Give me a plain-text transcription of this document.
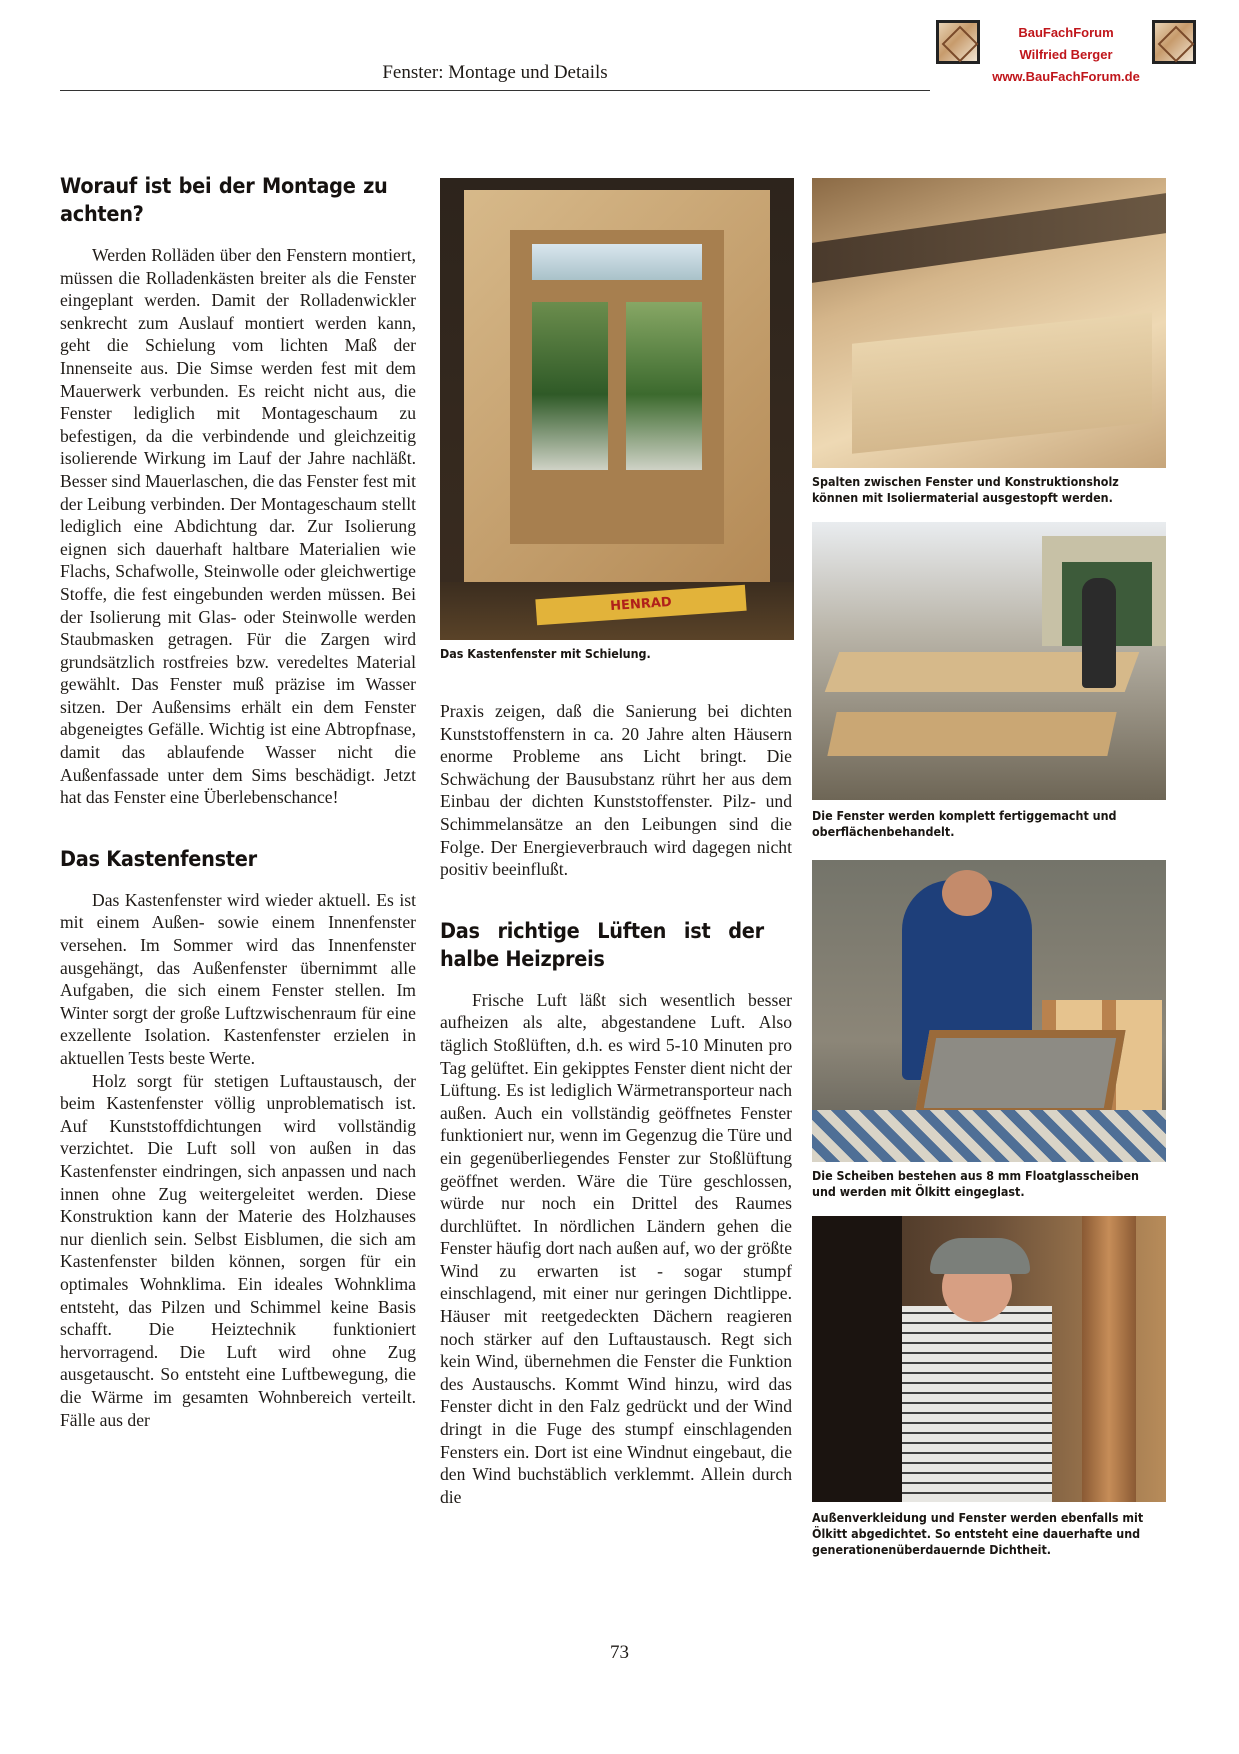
Fenster: Montage und Details
BauFachForum
Wilfried Berger
www.BauFachForum.de
Worauf ist bei der Montage zu achten?

Werden Rolläden über den Fenstern montiert, müssen die Rolladenkästen breiter als die Fenster eingeplant werden. Damit der Rolladenwickler senkrecht zum Auslauf montiert werden kann, geht die Schielung vom lichten Maß der Innenseite aus. Die Simse werden fest mit dem Mauerwerk verbunden. Es reicht nicht aus, die Fenster lediglich mit Montageschaum zu befestigen, da die verbindende und gleichzeitig isolierende Wirkung im Lauf der Jahre nachläßt. Besser sind Mauerlaschen, die das Fenster fest mit der Leibung verbinden. Der Montageschaum stellt lediglich eine Abdichtung dar. Zur Isolierung eignen sich dauerhaft haltbare Materialien wie Flachs, Schafwolle, Steinwolle oder gleichwertige Stoffe, die fest eingebunden werden müssen. Bei der Isolierung mit Glas- oder Steinwolle werden Staubmasken getragen. Für die Zargen wird grundsätzlich rostfreies bzw. veredeltes Material gewählt. Das Fenster muß präzise im Wasser sitzen. Der Außensims erhält ein dem Fenster abgeneigtes Gefälle. Wichtig ist eine Abtropfnase, damit das ablaufende Wasser nicht die Außenfassade unter dem Sims beschädigt. Jetzt hat das Fenster eine Überlebenschance!

Das Kastenfenster

Das Kastenfenster wird wieder aktuell. Es ist mit einem Außen- sowie einem Innenfenster versehen. Im Sommer wird das Innenfenster ausgehängt, das Außenfenster übernimmt alle Aufgaben, die sich einem Fenster stellen. Im Winter sorgt der große Luftzwischenraum für eine exzellente Isolation. Kastenfenster erzielen in aktuellen Tests beste Werte.

Holz sorgt für stetigen Luftaustausch, der beim Kastenfenster völlig unproblematisch ist. Auf Kunststoffdichtungen wird vollständig verzichtet. Die Luft soll von außen in das Kastenfenster eindringen, sich anpassen und nach innen ohne Zug weitergeleitet werden. Diese Konstruktion kann der Materie des Holzhauses nur dienlich sein. Selbst Eisblumen, die sich am Kastenfenster bilden können, sorgen für ein optimales Wohnklima. Ein ideales Wohnklima entsteht, das Pilzen und Schimmel keine Basis schafft. Die Heiztechnik funktioniert hervorragend. Die Luft wird ohne Zug ausgetauscht. So entsteht eine Luftbewegung, die die Wärme im gesamten Wohnbereich verteilt. Fälle aus der

Praxis zeigen, daß die Sanierung bei dichten Kunststoffenstern in ca. 20 Jahre alten Häusern enorme Probleme ans Licht bringt. Die Schwächung der Bausubstanz rührt her aus dem Einbau der dichten Kunststoffenster. Pilz- und Schimmelansätze an den Leibungen sind die Folge. Der Energieverbrauch wird dagegen nicht positiv beeinflußt.

Das richtige Lüften ist der halbe Heizpreis

Frische Luft läßt sich wesentlich besser aufheizen als alte, abgestandene Luft. Also täglich Stoßlüften, d.h. es wird 5-10 Minuten pro Tag gelüftet. Ein gekipptes Fenster dient nicht der Lüftung. Es ist lediglich Wärmetransporteur nach außen. Auch ein vollständig geöffnetes Fenster funktioniert nur, wenn im Gegenzug die Türe und ein gegenüberliegendes Fenster zur Stoßlüftung geöffnet werden. Wäre die Türe geschlossen, würde nur noch ein Drittel des Raumes durchlüftet. In nördlichen Ländern gehen die Fenster häufig dort nach außen auf, wo der größte Wind zu erwarten ist - sogar stumpf einschlagend, mit einer nur geringen Dichtlippe. Häuser mit reetgedeckten Dächern reagieren noch stärker auf den Luftaustausch. Regt sich kein Wind, übernehmen die Fenster die Funktion des Austauschs. Kommt Wind hinzu, wird das Fenster dicht in den Falz gedrückt und der Wind dringt in die Fuge des stumpf einschlagenden Fensters ein. Dort ist eine Windnut eingebaut, die den Wind buchstäblich verklemmt. Allein durch die

HENRAD
Das Kastenfenster mit Schielung.
Spalten zwischen Fenster und Konstruktionsholz können mit Isoliermaterial ausgestopft werden.
Die Fenster werden komplett fertiggemacht und oberflächenbehandelt.
Die Scheiben bestehen aus 8 mm Floatglasscheiben und werden mit Ölkitt eingeglast.
Außenverkleidung und Fenster werden ebenfalls mit Ölkitt abgedichtet. So entsteht eine dauerhafte und generationenüberdauernde Dichtheit.
73
